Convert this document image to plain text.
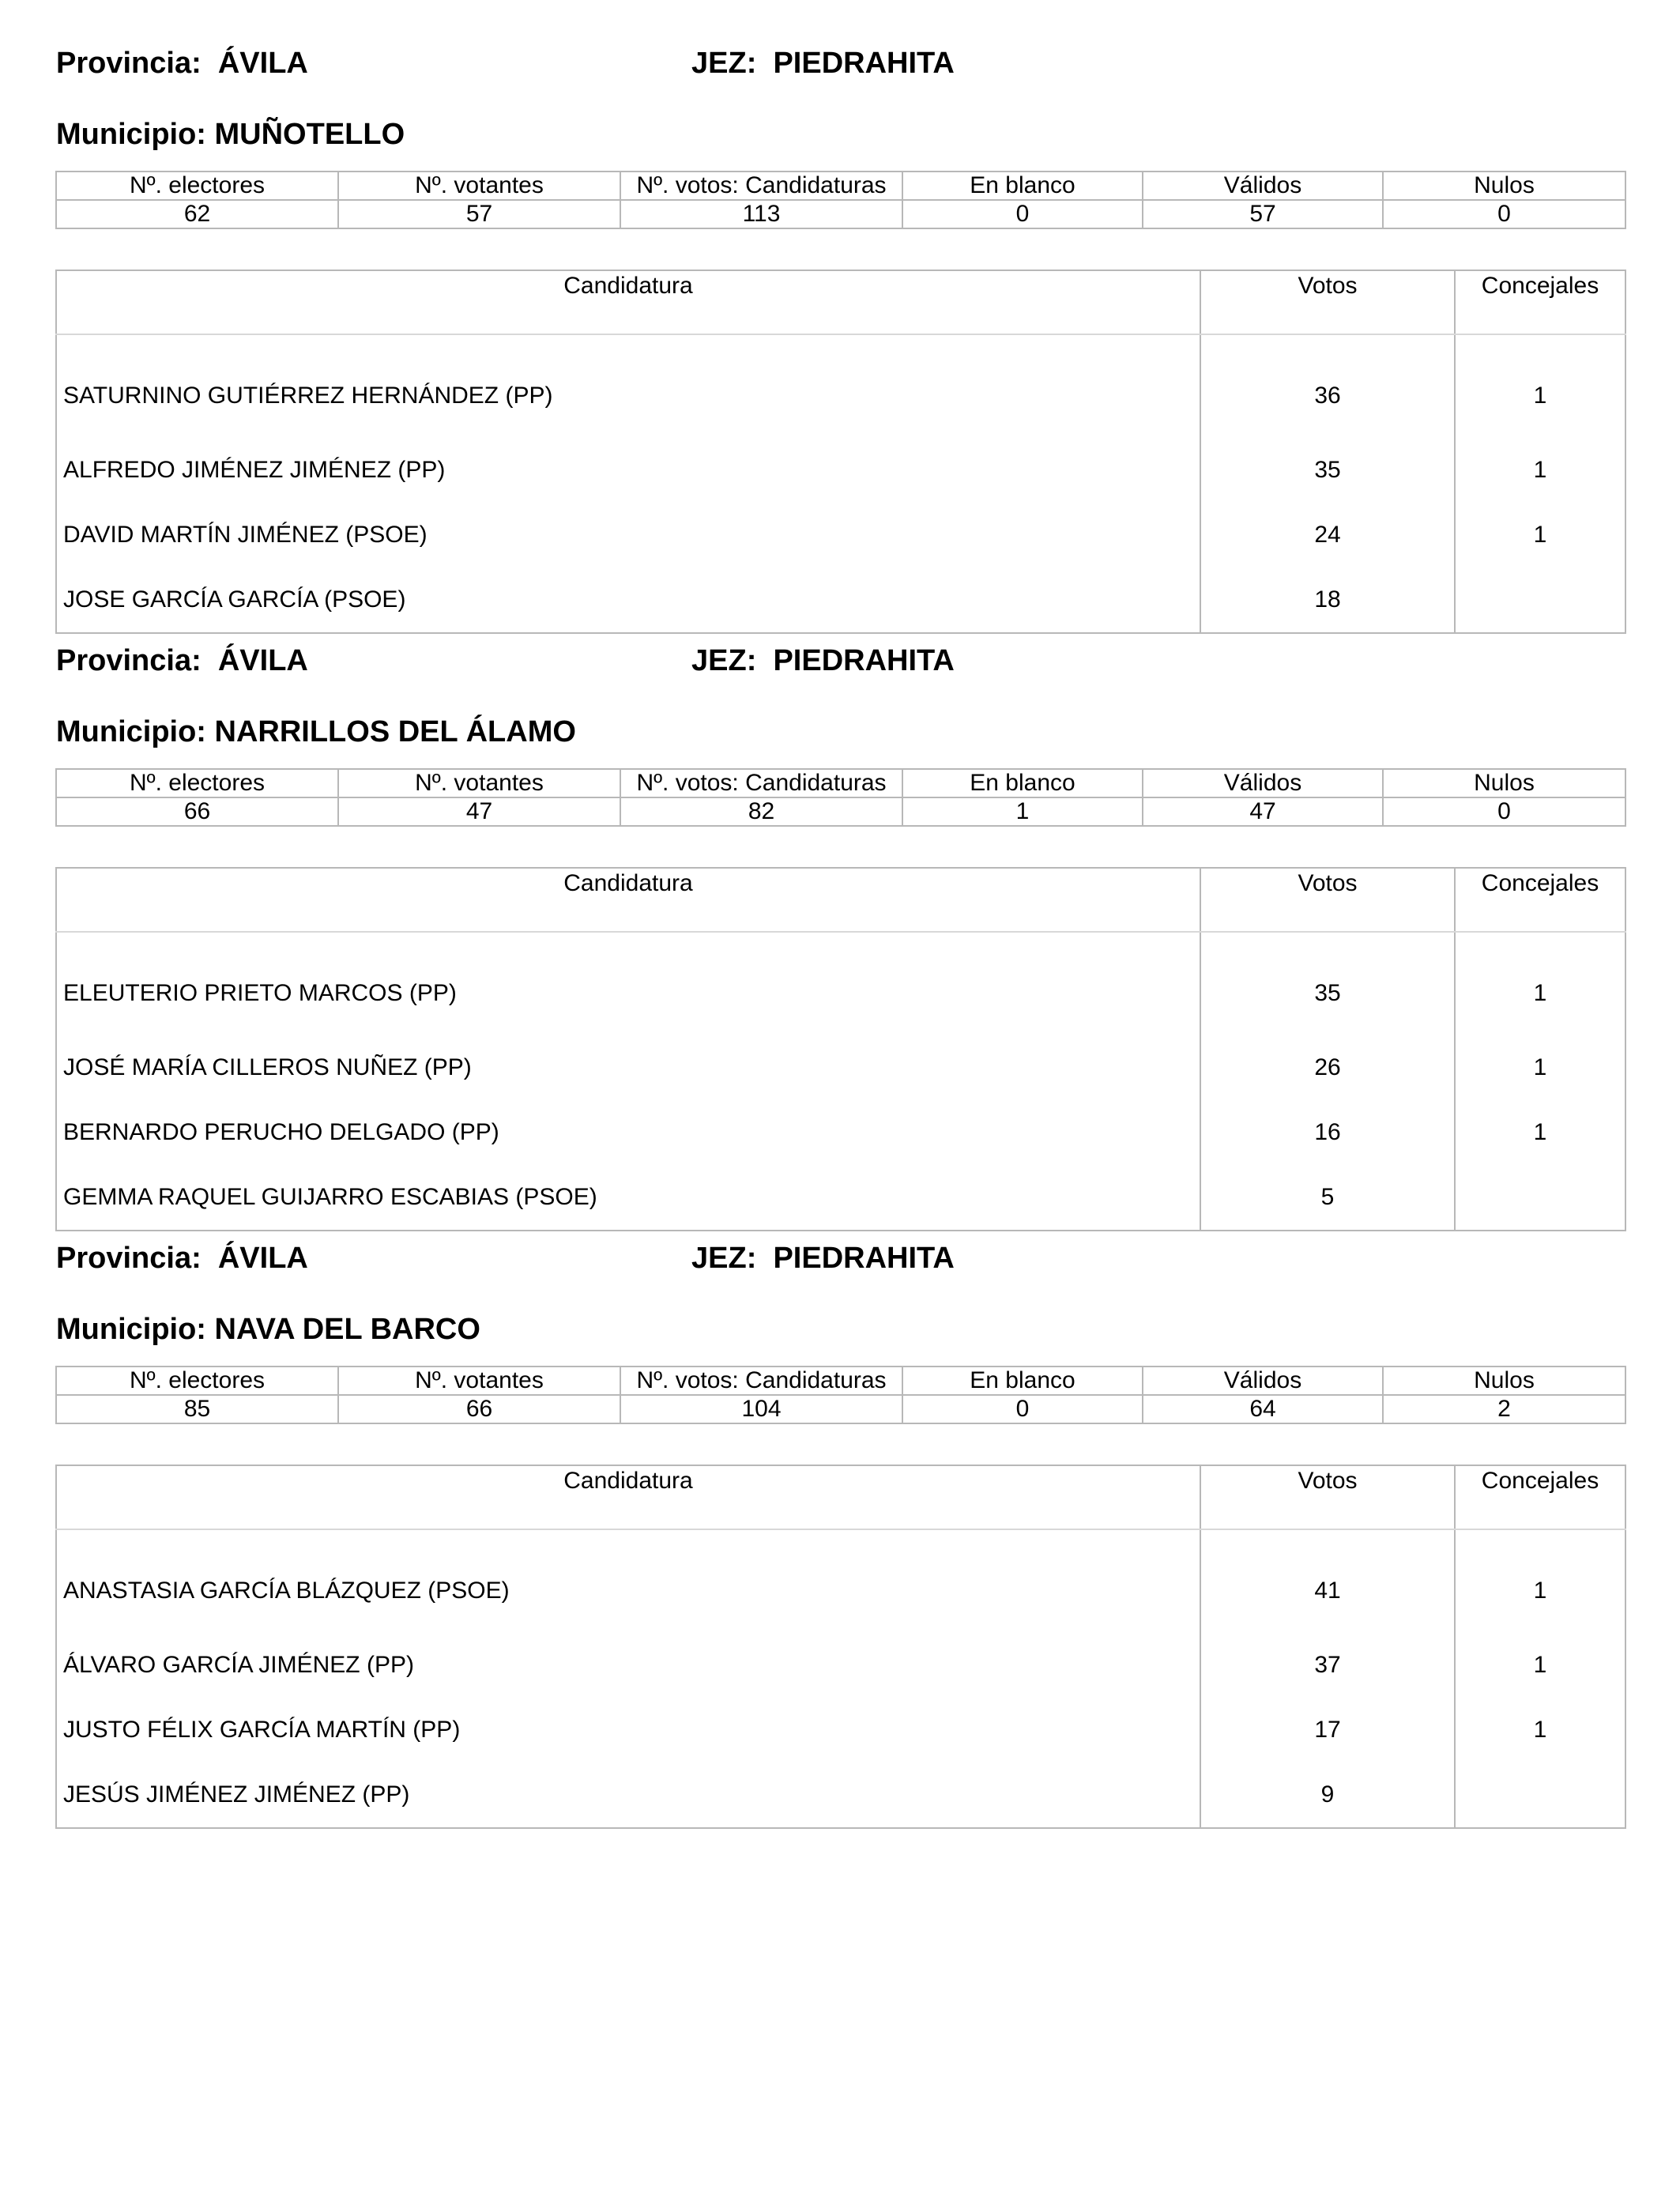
Provincia:  ÁVILA	JEZ:  PIEDRAHITA
Municipio: MUÑOTELLO
Nº. electores	Nº. votantes	Nº. votos: Candidaturas	En blanco	Válidos	Nulos
62	57	113	0	57	0
Candidatura	Votos	Concejales
SATURNINO GUTIÉRREZ HERNÁNDEZ (PP)	36	1
ALFREDO JIMÉNEZ JIMÉNEZ (PP)	35	1
DAVID MARTÍN JIMÉNEZ (PSOE)	24	1
JOSE GARCÍA GARCÍA (PSOE)	18	
Provincia:  ÁVILA	JEZ:  PIEDRAHITA
Municipio: NARRILLOS DEL ÁLAMO
Nº. electores	Nº. votantes	Nº. votos: Candidaturas	En blanco	Válidos	Nulos
66	47	82	1	47	0
Candidatura	Votos	Concejales
ELEUTERIO PRIETO MARCOS (PP)	35	1
JOSÉ MARÍA CILLEROS NUÑEZ (PP)	26	1
BERNARDO PERUCHO DELGADO (PP)	16	1
GEMMA RAQUEL GUIJARRO ESCABIAS (PSOE)	5	
Provincia:  ÁVILA	JEZ:  PIEDRAHITA
Municipio: NAVA DEL BARCO
Nº. electores	Nº. votantes	Nº. votos: Candidaturas	En blanco	Válidos	Nulos
85	66	104	0	64	2
Candidatura	Votos	Concejales
ANASTASIA GARCÍA BLÁZQUEZ (PSOE)	41	1
ÁLVARO GARCÍA JIMÉNEZ (PP)	37	1
JUSTO FÉLIX GARCÍA MARTÍN (PP)	17	1
JESÚS JIMÉNEZ JIMÉNEZ (PP)	9	
